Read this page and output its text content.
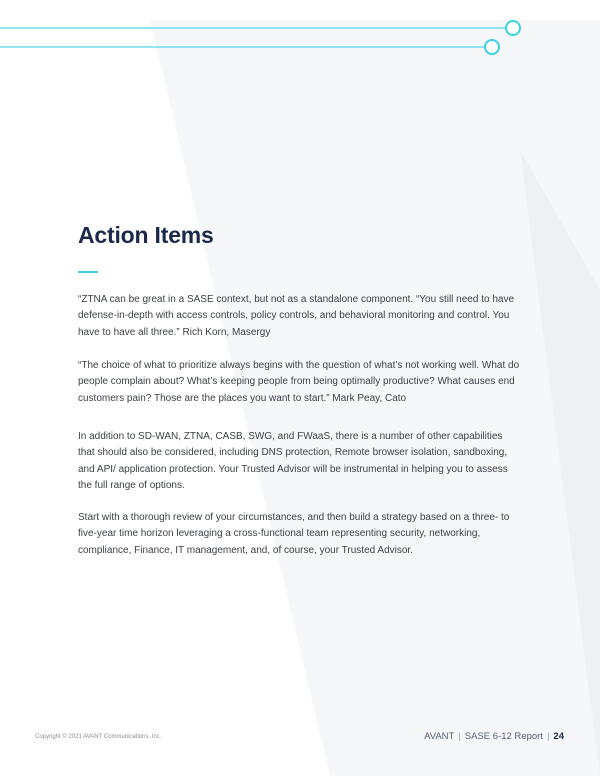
Action Items
“ZTNA can be great in a SASE context, but not as a standalone component. “You still need to have defense-in-depth with access controls, policy controls, and behavioral monitoring and control. You have to have all three.” Rich Korn, Masergy
“The choice of what to prioritize always begins with the question of what’s not working well. What do people complain about? What’s keeping people from being optimally productive? What causes end customers pain? Those are the places you want to start.” Mark Peay, Cato
In addition to SD-WAN, ZTNA, CASB, SWG, and FWaaS, there is a number of other capabilities that should also be considered, including DNS protection, Remote browser isolation, sandboxing, and API/ application protection. Your Trusted Advisor will be instrumental in helping you to assess the full range of options.
Start with a thorough review of your circumstances, and then build a strategy based on a three- to five-year time horizon leveraging a cross-functional team representing security, networking, compliance, Finance, IT management, and, of course, your Trusted Advisor.
Copyright © 2021 AVANT Communications, Inc.	AVANT | SASE 6-12 Report | 24
